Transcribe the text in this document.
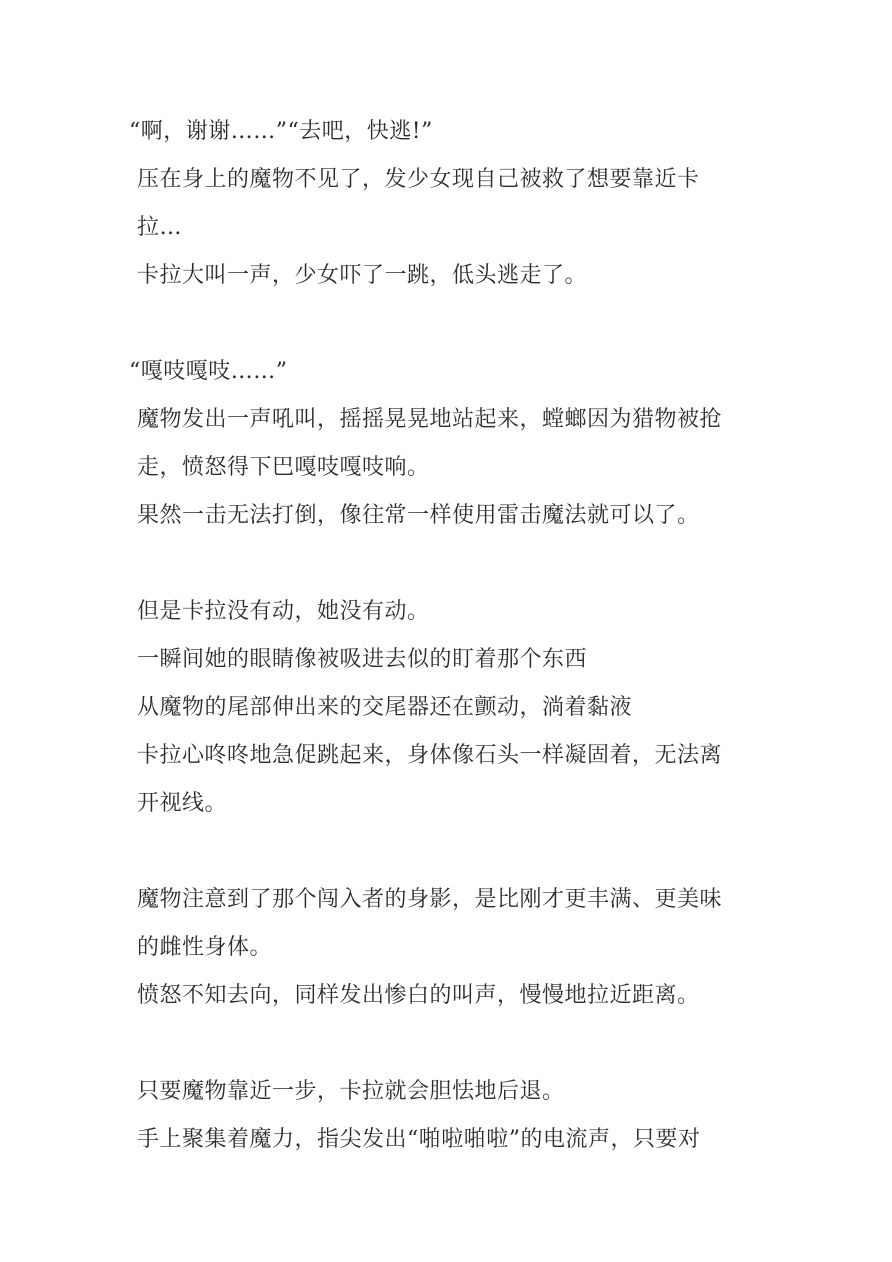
“啊，谢谢……”“去吧，快逃!”
压在身上的魔物不见了，发少女现自己被救了想要靠近卡
拉…
卡拉大叫一声，少女吓了一跳，低头逃走了。
“嘎吱嘎吱……”
魔物发出一声吼叫，摇摇晃晃地站起来，螳螂因为猎物被抢
走，愤怒得下巴嘎吱嘎吱响。
果然一击无法打倒，像往常一样使用雷击魔法就可以了。
但是卡拉没有动，她没有动。
一瞬间她的眼睛像被吸进去似的盯着那个东西
从魔物的尾部伸出来的交尾器还在颤动，淌着黏液
卡拉心咚咚地急促跳起来，身体像石头一样凝固着，无法离
开视线。
魔物注意到了那个闯入者的身影，是比刚才更丰满、更美味
的雌性身体。
愤怒不知去向，同样发出惨白的叫声，慢慢地拉近距离。
只要魔物靠近一步，卡拉就会胆怯地后退。
手上聚集着魔力，指尖发出“啪啦啪啦”的电流声，只要对
